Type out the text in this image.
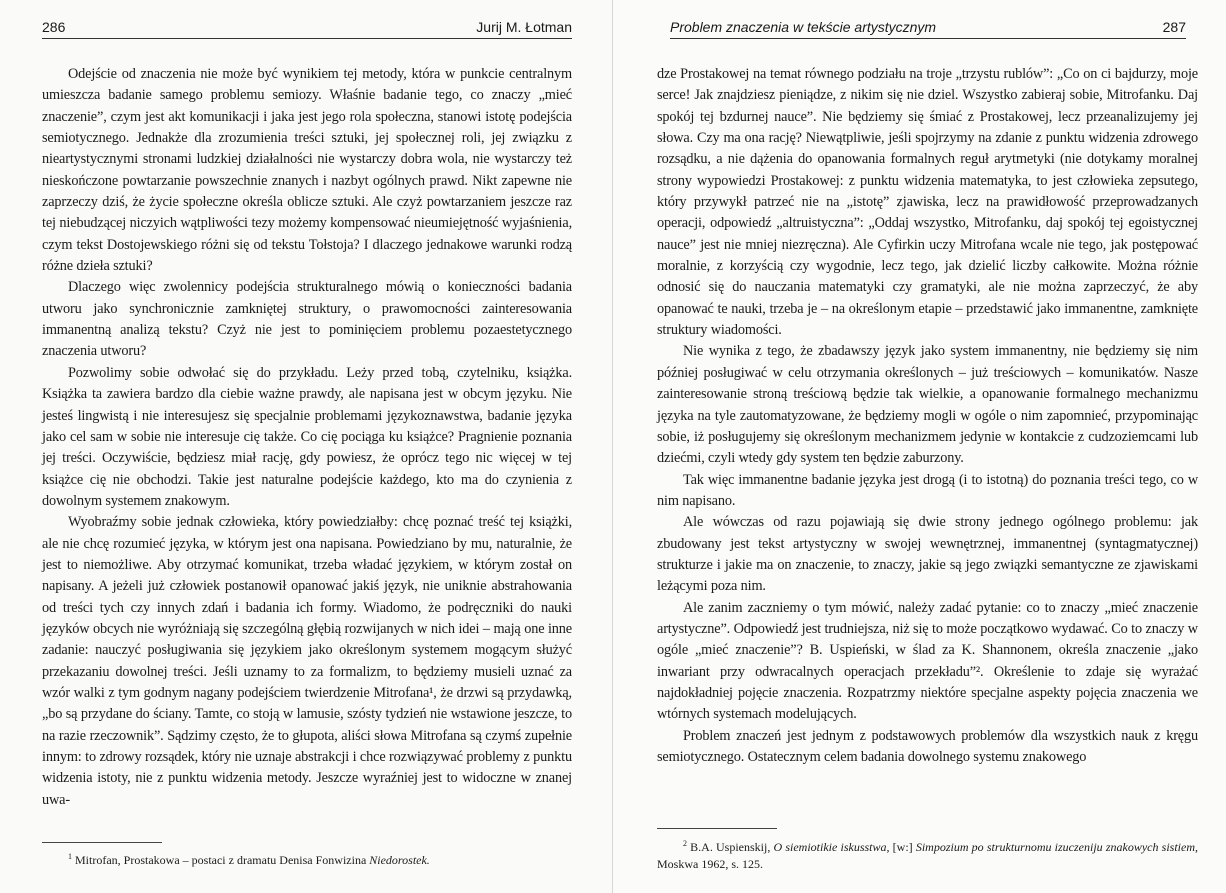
286	Jurij M. Łotman

Odejście od znaczenia nie może być wynikiem tej metody, która w punkcie centralnym umieszcza badanie samego problemu semiozy. Właśnie badanie tego, co znaczy „mieć znaczenie”, czym jest akt komunikacji i jaka jest jego rola społeczna, stanowi istotę podejścia semiotycznego. Jednakże dla zrozumienia treści sztuki, jej społecznej roli, jej związku z nieartystycznymi stronami ludzkiej działalności nie wystarczy dobra wola, nie wystarczy też nieskończone powtarzanie powszechnie znanych i nazbyt ogólnych prawd. Nikt zapewne nie zaprzeczy dziś, że życie społeczne określa oblicze sztuki. Ale czyż powtarzaniem jeszcze raz tej niebudzącej niczyich wątpliwości tezy możemy kompensować nieumiejętność wyjaśnienia, czym tekst Dostojewskiego różni się od tekstu Tołstoja? I dlaczego jednakowe warunki rodzą różne dzieła sztuki?

Dlaczego więc zwolennicy podejścia strukturalnego mówią o konieczności badania utworu jako synchronicznie zamkniętej struktury, o prawomocności zainteresowania immanentną analizą tekstu? Czyż nie jest to pominięciem problemu pozaestetycznego znaczenia utworu?

Pozwolimy sobie odwołać się do przykładu. Leży przed tobą, czytelniku, książka. Książka ta zawiera bardzo dla ciebie ważne prawdy, ale napisana jest w obcym języku. Nie jesteś lingwistą i nie interesujesz się specjalnie problemami językoznawstwa, badanie języka jako cel sam w sobie nie interesuje cię także. Co cię pociąga ku książce? Pragnienie poznania jej treści. Oczywiście, będziesz miał rację, gdy powiesz, że oprócz tego nic więcej w tej książce cię nie obchodzi. Takie jest naturalne podejście każdego, kto ma do czynienia z dowolnym systemem znakowym.

Wyobraźmy sobie jednak człowieka, który powiedziałby: chcę poznać treść tej książki, ale nie chcę rozumieć języka, w którym jest ona napisana. Powiedziano by mu, naturalnie, że jest to niemożliwe. Aby otrzymać komunikat, trzeba władać językiem, w którym został on napisany. A jeżeli już człowiek postanowił opanować jakiś język, nie uniknie abstrahowania od treści tych czy innych zdań i badania ich formy. Wiadomo, że podręczniki do nauki języków obcych nie wyróżniają się szczególną głębią rozwijanych w nich idei – mają one inne zadanie: nauczyć posługiwania się językiem jako określonym systemem mogącym służyć przekazaniu dowolnej treści. Jeśli uznamy to za formalizm, to będziemy musieli uznać za wzór walki z tym godnym nagany podejściem twierdzenie Mitrofana¹, że drzwi są przydawką, „bo są przydane do ściany. Tamte, co stoją w lamusie, szósty tydzień nie wstawione jeszcze, to na razie rzeczownik”. Sądzimy często, że to głupota, aliści słowa Mitrofana są czymś zupełnie innym: to zdrowy rozsądek, który nie uznaje abstrakcji i chce rozwiązywać problemy z punktu widzenia istoty, nie z punktu widzenia metody. Jeszcze wyraźniej jest to widoczne w znanej uwa-

$^1$ Mitrofan, Prostakowa – postaci z dramatu Denisa Fonwizina Niedorostek.
Problem znaczenia w tekście artystycznym	287

dze Prostakowej na temat równego podziału na troje „trzystu rublów”: „Co on ci bajdurzy, moje serce! Jak znajdziesz pieniądze, z nikim się nie dziel. Wszystko zabieraj sobie, Mitrofanku. Daj spokój tej bzdurnej nauce”. Nie będziemy się śmiać z Prostakowej, lecz przeanalizujemy jej słowa. Czy ma ona rację? Niewątpliwie, jeśli spojrzymy na zdanie z punktu widzenia zdrowego rozsądku, a nie dążenia do opanowania formalnych reguł arytmetyki (nie dotykamy moralnej strony wypowiedzi Prostakowej: z punktu widzenia matematyka, to jest człowieka zepsutego, który przywykł patrzeć nie na „istotę” zjawiska, lecz na prawidłowość przeprowadzanych operacji, odpowiedź „altruistyczna”: „Oddaj wszystko, Mitrofanku, daj spokój tej egoistycznej nauce” jest nie mniej niezręczna). Ale Cyfirkin uczy Mitrofana wcale nie tego, jak postępować moralnie, z korzyścią czy wygodnie, lecz tego, jak dzielić liczby całkowite. Można różnie odnosić się do nauczania matematyki czy gramatyki, ale nie można zaprzeczyć, że aby opanować te nauki, trzeba je – na określonym etapie – przedstawić jako immanentne, zamknięte struktury wiadomości.

Nie wynika z tego, że zbadawszy język jako system immanentny, nie będziemy się nim później posługiwać w celu otrzymania określonych – już treściowych – komunikatów. Nasze zainteresowanie stroną treściową będzie tak wielkie, a opanowanie formalnego mechanizmu języka na tyle zautomatyzowane, że będziemy mogli w ogóle o nim zapomnieć, przypominając sobie, iż posługujemy się określonym mechanizmem jedynie w kontakcie z cudzoziemcami lub dziećmi, czyli wtedy gdy system ten będzie zaburzony.

Tak więc immanentne badanie języka jest drogą (i to istotną) do poznania treści tego, co w nim napisano.

Ale wówczas od razu pojawiają się dwie strony jednego ogólnego problemu: jak zbudowany jest tekst artystyczny w swojej wewnętrznej, immanentnej (syntagmatycznej) strukturze i jakie ma on znaczenie, to znaczy, jakie są jego związki semantyczne ze zjawiskami leżącymi poza nim.

Ale zanim zaczniemy o tym mówić, należy zadać pytanie: co to znaczy „mieć znaczenie artystyczne”. Odpowiedź jest trudniejsza, niż się to może początkowo wydawać. Co to znaczy w ogóle „mieć znaczenie”? B. Uspieński, w ślad za K. Shannonem, określa znaczenie „jako inwariant przy odwracalnych operacjach przekładu”². Określenie to zdaje się wyrażać najdokładniej pojęcie znaczenia. Rozpatrzmy niektóre specjalne aspekty pojęcia znaczenia we wtórnych systemach modelujących.

Problem znaczeń jest jednym z podstawowych problemów dla wszystkich nauk z kręgu semiotycznego. Ostatecznym celem badania dowolnego systemu znakowego

$^2$ B.A. Uspienskij, O siemiotikie iskusstwa, [w:] Simpozium po strukturnomu izuczeniju znakowych sistiem, Moskwa 1962, s. 125.
